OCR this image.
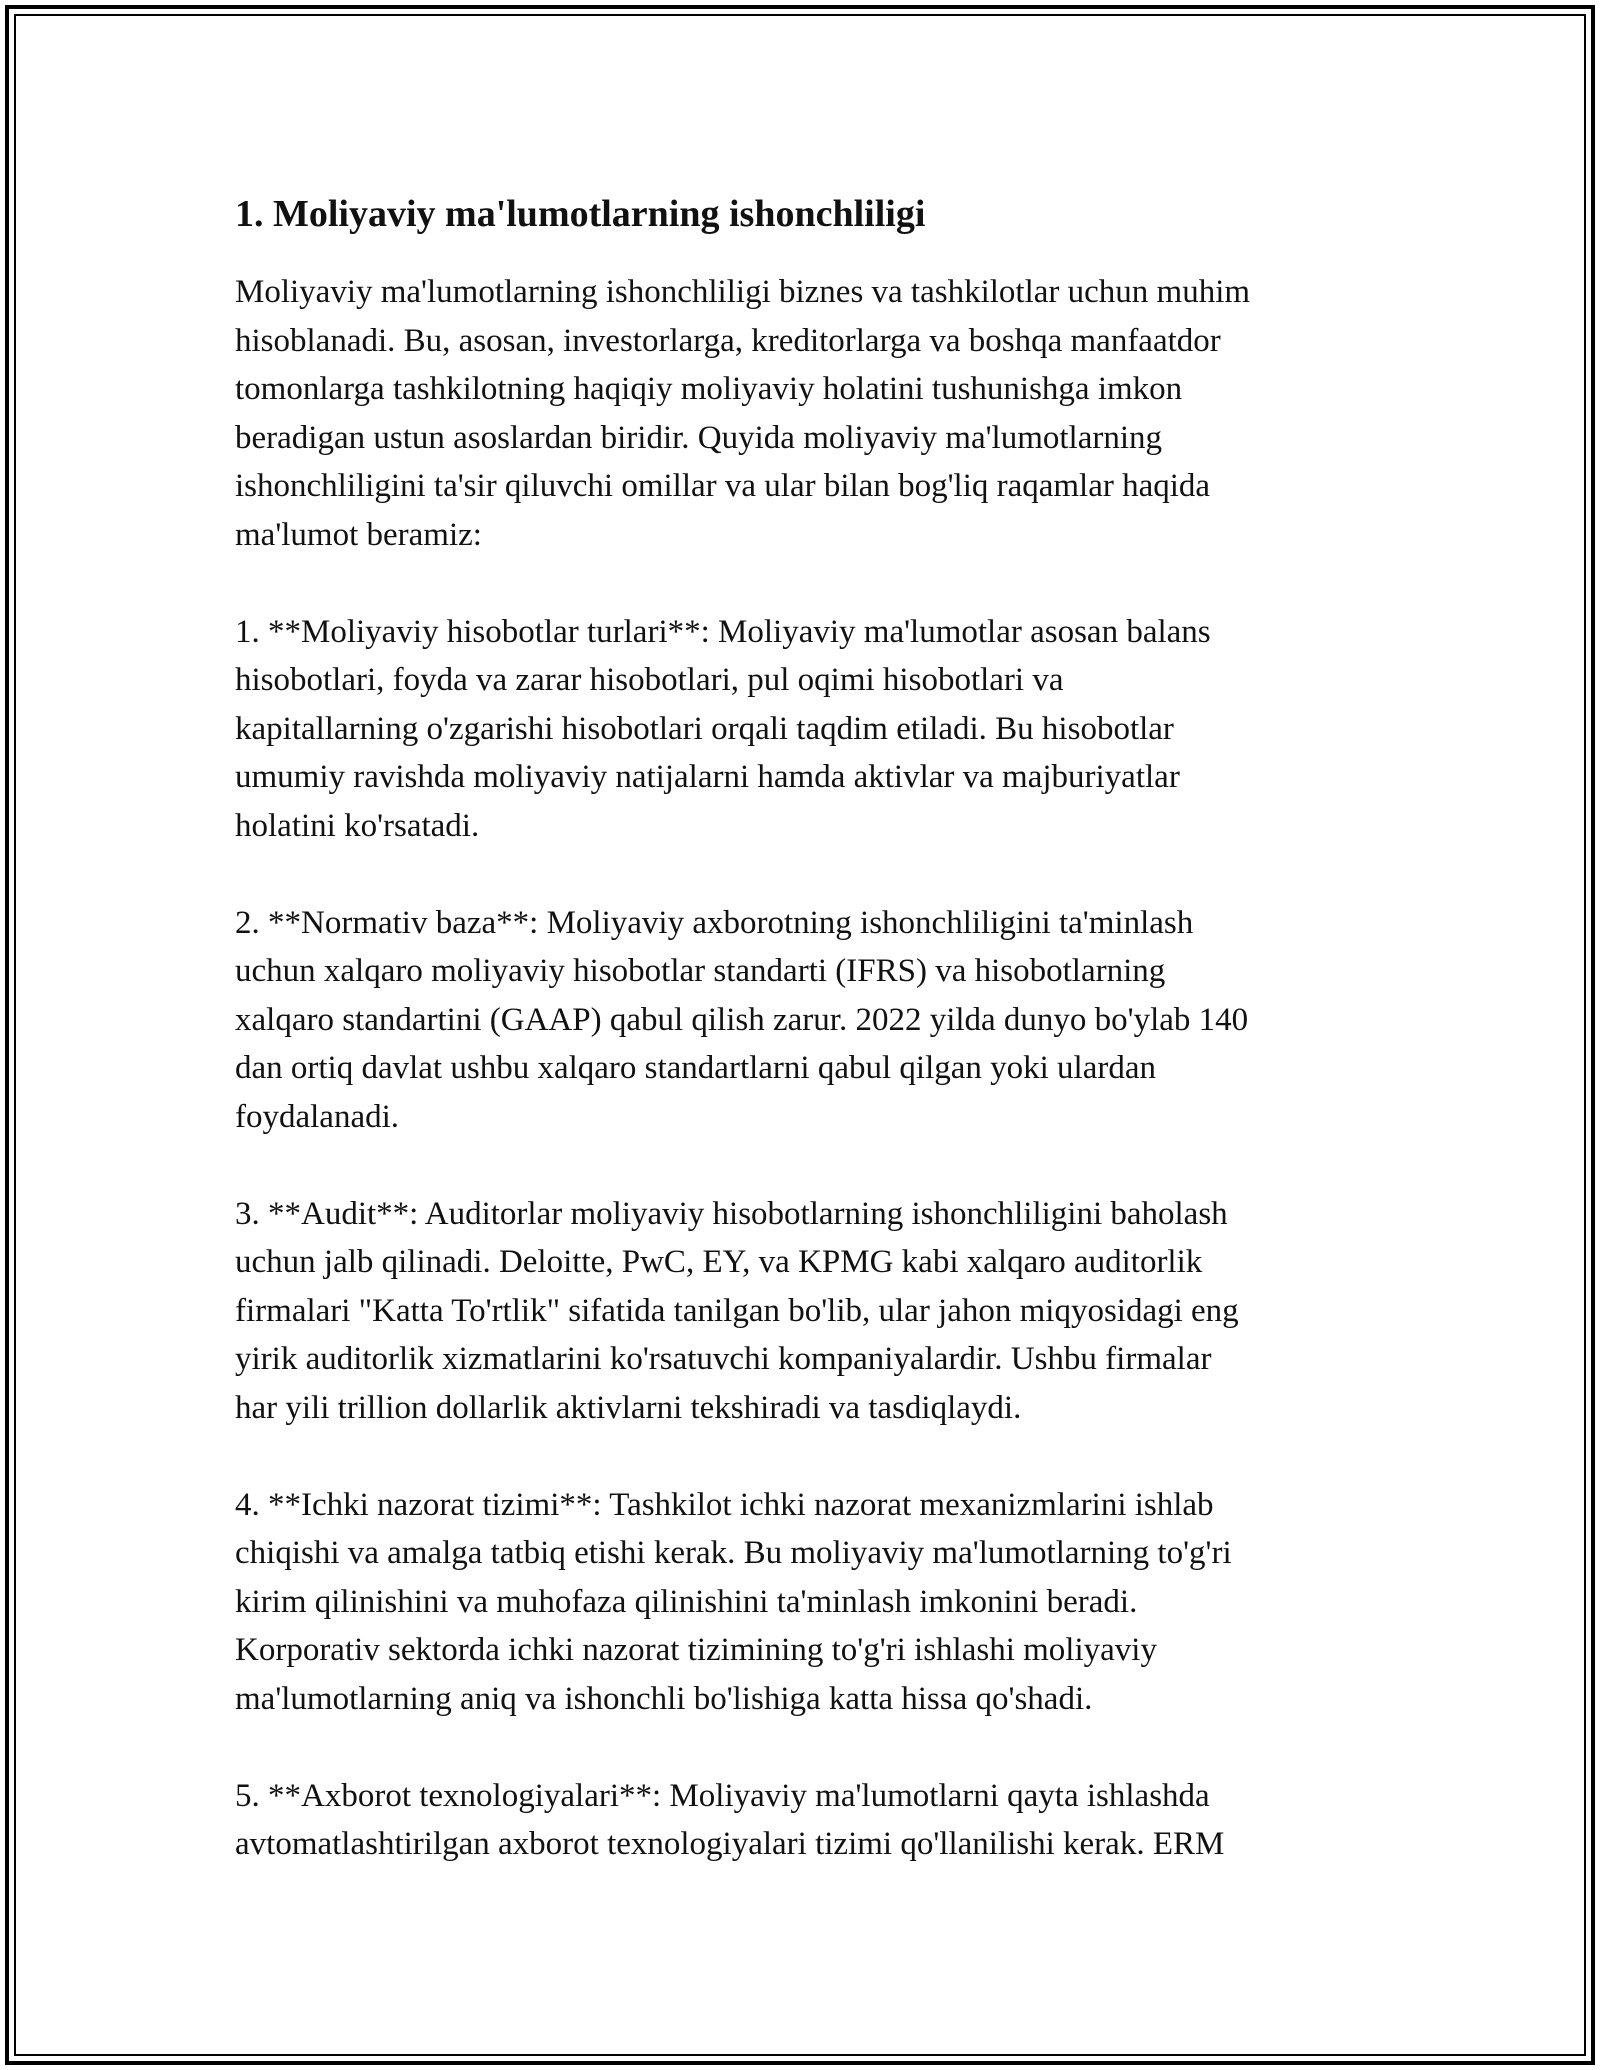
1. Moliyaviy ma'lumotlarning ishonchliligi

Moliyaviy ma'lumotlarning ishonchliligi biznes va tashkilotlar uchun muhim
hisoblanadi. Bu, asosan, investorlarga, kreditorlarga va boshqa manfaatdor
tomonlarga tashkilotning haqiqiy moliyaviy holatini tushunishga imkon
beradigan ustun asoslardan biridir. Quyida moliyaviy ma'lumotlarning
ishonchliligini ta'sir qiluvchi omillar va ular bilan bog'liq raqamlar haqida
ma'lumot beramiz:

1. **Moliyaviy hisobotlar turlari**: Moliyaviy ma'lumotlar asosan balans
hisobotlari, foyda va zarar hisobotlari, pul oqimi hisobotlari va
kapitallarning o'zgarishi hisobotlari orqali taqdim etiladi. Bu hisobotlar
umumiy ravishda moliyaviy natijalarni hamda aktivlar va majburiyatlar
holatini ko'rsatadi.

2. **Normativ baza**: Moliyaviy axborotning ishonchliligini ta'minlash
uchun xalqaro moliyaviy hisobotlar standarti (IFRS) va hisobotlarning
xalqaro standartini (GAAP) qabul qilish zarur. 2022 yilda dunyo bo'ylab 140
dan ortiq davlat ushbu xalqaro standartlarni qabul qilgan yoki ulardan
foydalanadi.

3. **Audit**: Auditorlar moliyaviy hisobotlarning ishonchliligini baholash
uchun jalb qilinadi. Deloitte, PwC, EY, va KPMG kabi xalqaro auditorlik
firmalari "Katta To'rtlik" sifatida tanilgan bo'lib, ular jahon miqyosidagi eng
yirik auditorlik xizmatlarini ko'rsatuvchi kompaniyalardir. Ushbu firmalar
har yili trillion dollarlik aktivlarni tekshiradi va tasdiqlaydi.

4. **Ichki nazorat tizimi**: Tashkilot ichki nazorat mexanizmlarini ishlab
chiqishi va amalga tatbiq etishi kerak. Bu moliyaviy ma'lumotlarning to'g'ri
kirim qilinishini va muhofaza qilinishini ta'minlash imkonini beradi.
Korporativ sektorda ichki nazorat tizimining to'g'ri ishlashi moliyaviy
ma'lumotlarning aniq va ishonchli bo'lishiga katta hissa qo'shadi.

5. **Axborot texnologiyalari**: Moliyaviy ma'lumotlarni qayta ishlashda
avtomatlashtirilgan axborot texnologiyalari tizimi qo'llanilishi kerak. ERM
